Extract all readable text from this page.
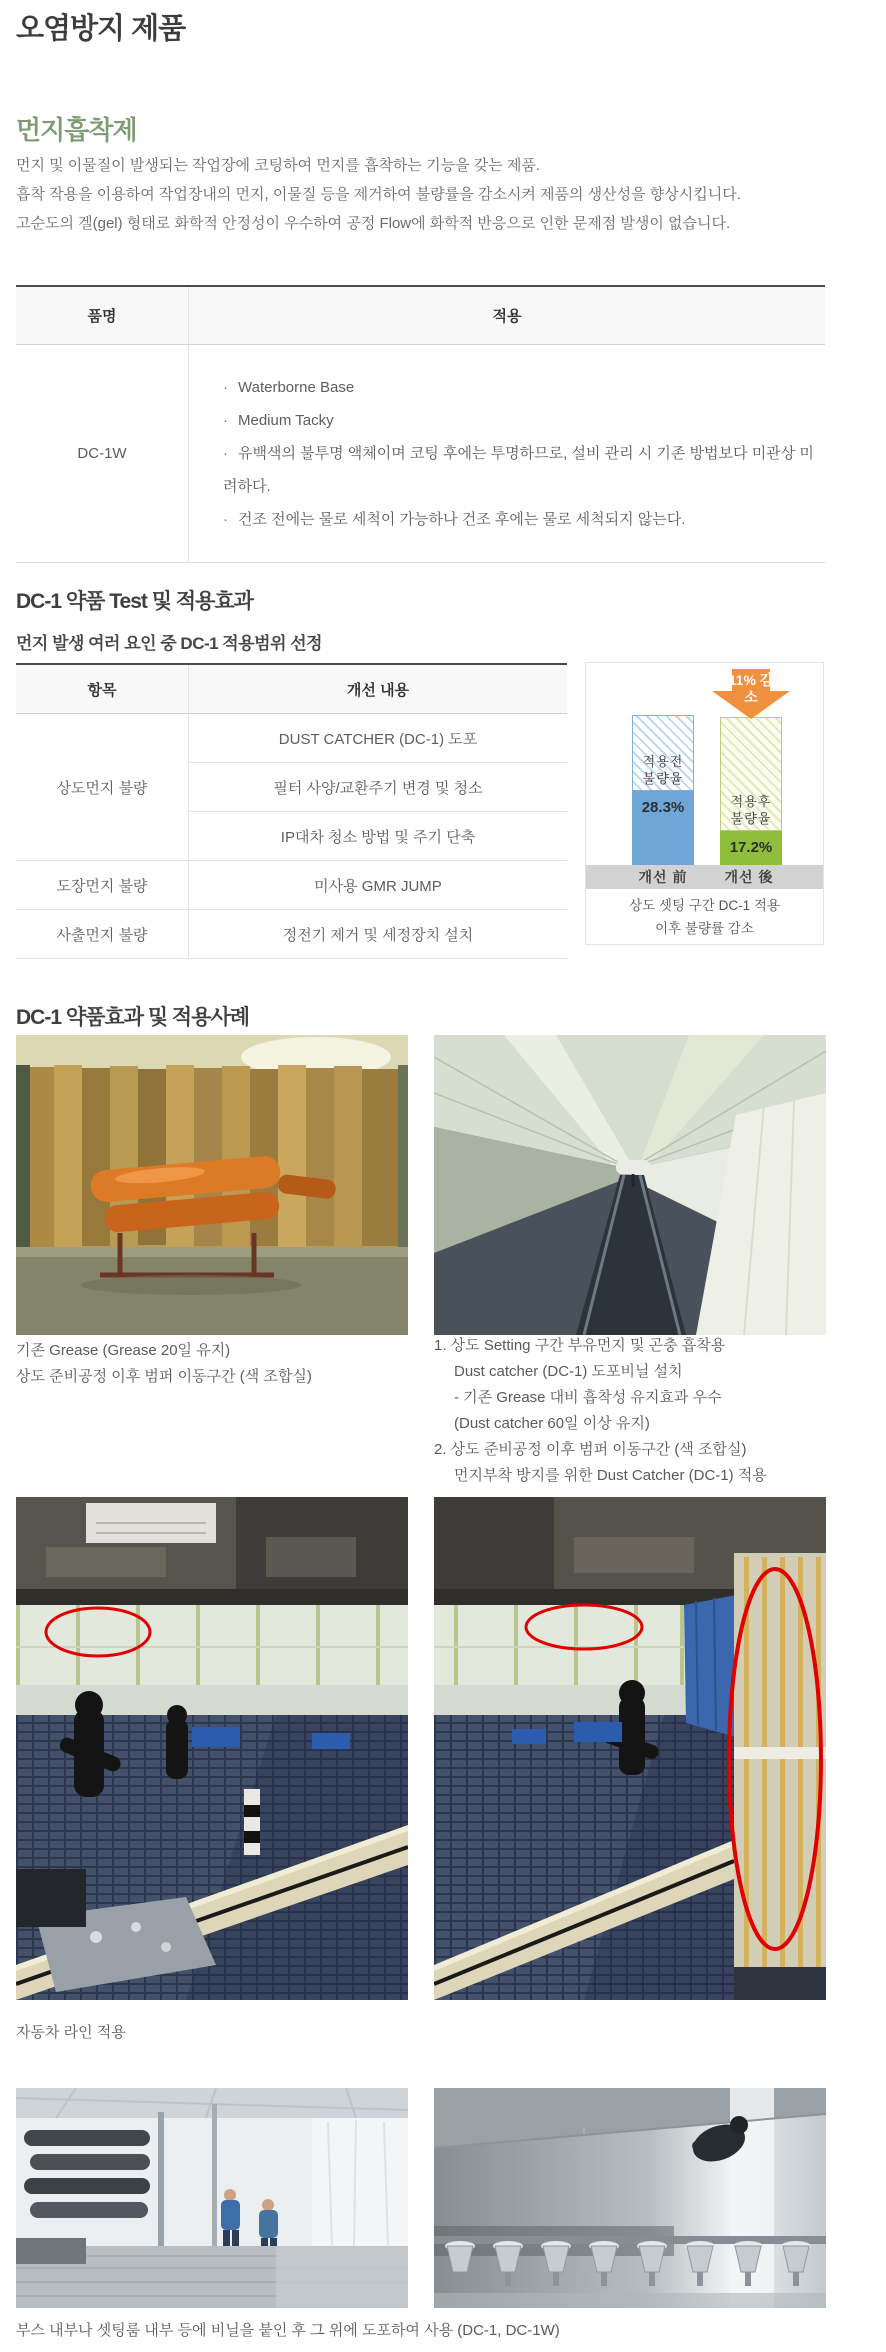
오염방지 제품
먼지흡착제

먼지 및 이물질이 발생되는 작업장에 코팅하여 먼지를 흡착하는 기능을 갖는 제품.

흡착 작용을 이용하여 작업장내의 먼지, 이물질 등을 제거하여 불량률을 감소시켜 제품의 생산성을 향상시킵니다.

고순도의 겔(gel) 형태로 화학적 안정성이 우수하여 공정 Flow에 화학적 반응으로 인한 문제점 발생이 없습니다.

품명	적용
DC-1W	· Waterborne Base
· Medium Tacky
· 유백색의 불투명 액체이며 코팅 후에는 투명하므로, 설비 관리 시 기존 방법보다 미관상 미려하다.
· 건조 전에는 물로 세척이 가능하나 건조 후에는 물로 세척되지 않는다.
DC-1 약품 Test 및 적용효과
먼지 발생 여러 요인 중 DC-1 적용범위 선정
항목	개선 내용
상도먼지 불량	DUST CATCHER (DC-1) 도포
	필터 사양/교환주기 변경 및 청소
	IP대차 청소 방법 및 주기 단축
도장먼지 불량	미사용 GMR JUMP
사출먼지 불량	정전기 제거 및 세정장치 설치
적용전 불량율
28.3%	적용후 불량율
17.2%
11% 감소
개선 前	개선 後
상도 셋팅 구간 DC-1 적용
이후 불량률 감소
DC-1 약품효과 및 적용사례

기존 Grease (Grease 20일 유지)

상도 준비공정 이후 범퍼 이동구간 (색 조합실)

1. 상도 Setting 구간 부유먼지 및 곤충 흡착용

Dust catcher (DC-1) 도포비닐 설치

- 기존 Grease 대비 흡착성 유지효과 우수

(Dust catcher 60일 이상 유지)

2. 상도 준비공정 이후 범퍼 이동구간 (색 조합실)

먼지부착 방지를 위한 Dust Catcher (DC-1) 적용

자동차 라인 적용

부스 내부나 셋팅룸 내부 등에 비닐을 붙인 후 그 위에 도포하여 사용 (DC-1, DC-1W)
